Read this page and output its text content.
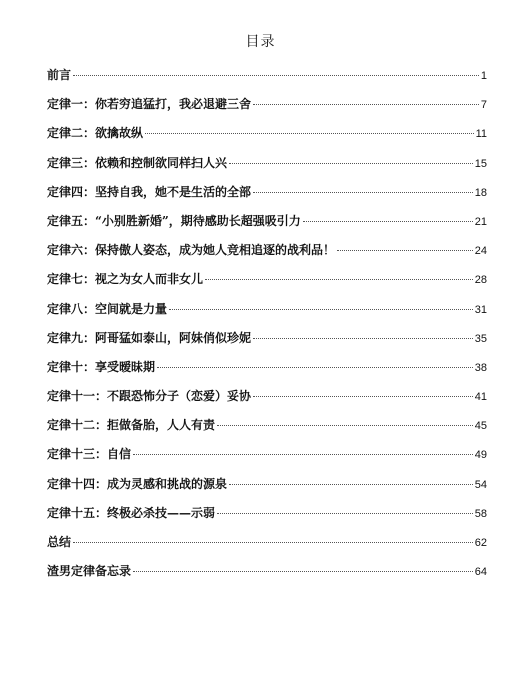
目录
前言	1
定律一：你若穷追猛打，我必退避三舍	7
定律二：欲擒故纵	11
定律三：依赖和控制欲同样扫人兴	15
定律四：坚持自我，她不是生活的全部	18
定律五：“小别胜新婚”，期待感助长超强吸引力	21
定律六：保持傲人姿态，成为她人竞相追逐的战利品！	24
定律七：视之为女人而非女儿	28
定律八：空间就是力量	31
定律九：阿哥猛如泰山，阿妹俏似珍妮	35
定律十：享受暧昧期	38
定律十一：不跟恐怖分子（恋爱）妥协	41
定律十二：拒做备胎，人人有责	45
定律十三：自信	49
定律十四：成为灵感和挑战的源泉	54
定律十五：终极必杀技——示弱	58
总结	62
渣男定律备忘录	64
